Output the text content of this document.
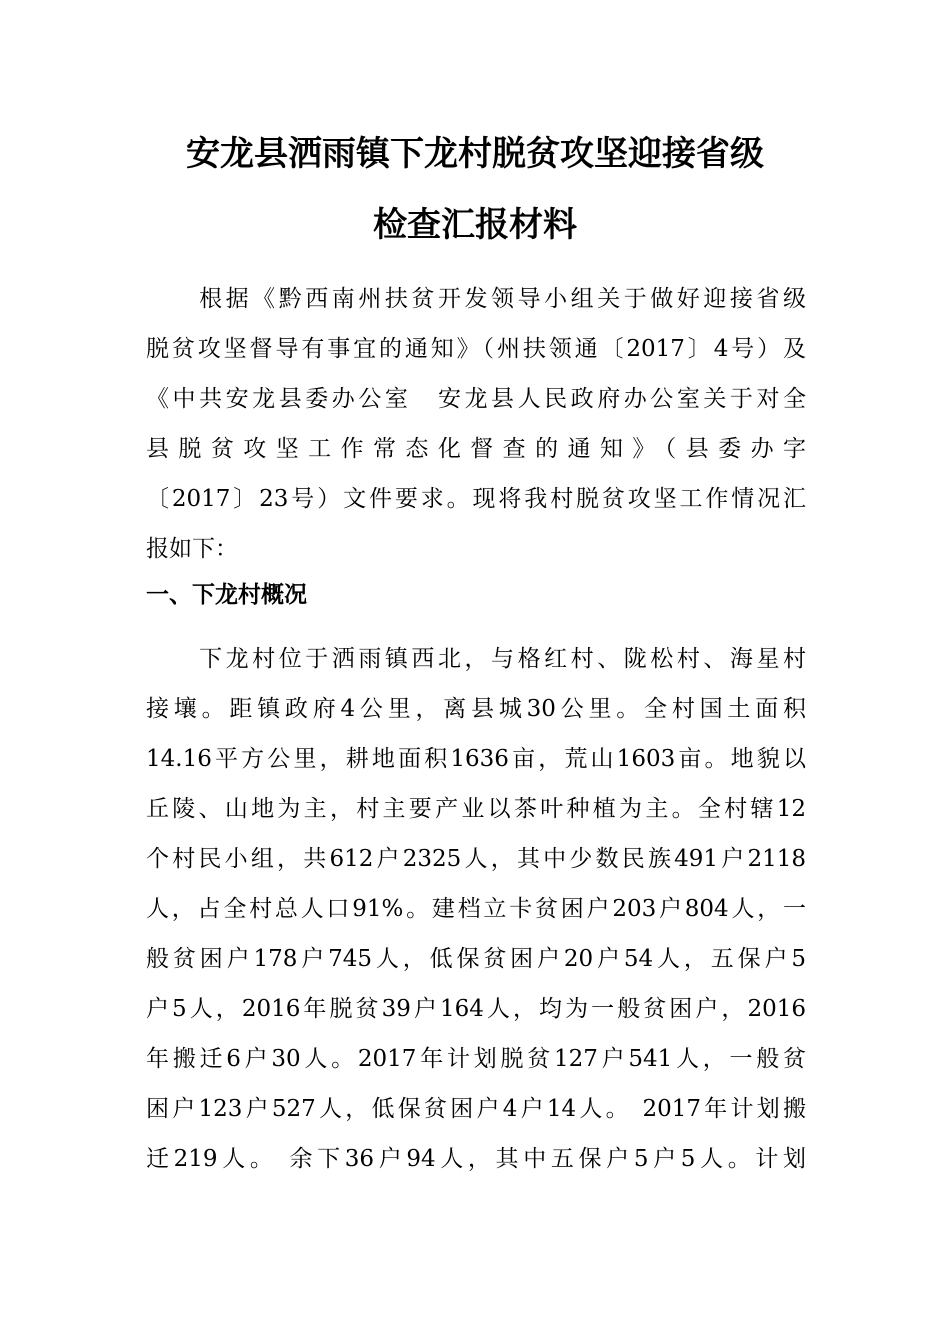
安龙县洒雨镇下龙村脱贫攻坚迎接省级
检查汇报材料

　　根据《黔西南州扶贫开发领导小组关于做好迎接省级
脱贫攻坚督导有事宜的通知》（州扶领通〔2017〕4号）及
《中共安龙县委办公室　安龙县人民政府办公室关于对全
县脱贫攻坚工作常态化督查的通知》（县委办字
〔2017〕23号）文件要求。现将我村脱贫攻坚工作情况汇
报如下：

一、下龙村概况

　　下龙村位于洒雨镇西北，与格红村、陇松村、海星村
接壤。距镇政府4公里，离县城30公里。全村国土面积
14.16平方公里，耕地面积1636亩，荒山1603亩。地貌以
丘陵、山地为主，村主要产业以茶叶种植为主。全村辖12
个村民小组，共612户2325人，其中少数民族491户2118
人，占全村总人口91%。建档立卡贫困户203户804人，一
般贫困户178户745人，低保贫困户20户54人，五保户5
户5人，2016年脱贫39户164人，均为一般贫困户，2016
年搬迁6户30人。2017年计划脱贫127户541人，一般贫
困户123户527人，低保贫困户4户14人。 2017年计划搬
迁219人。 余下36户94人，其中五保户5户5人。计划
